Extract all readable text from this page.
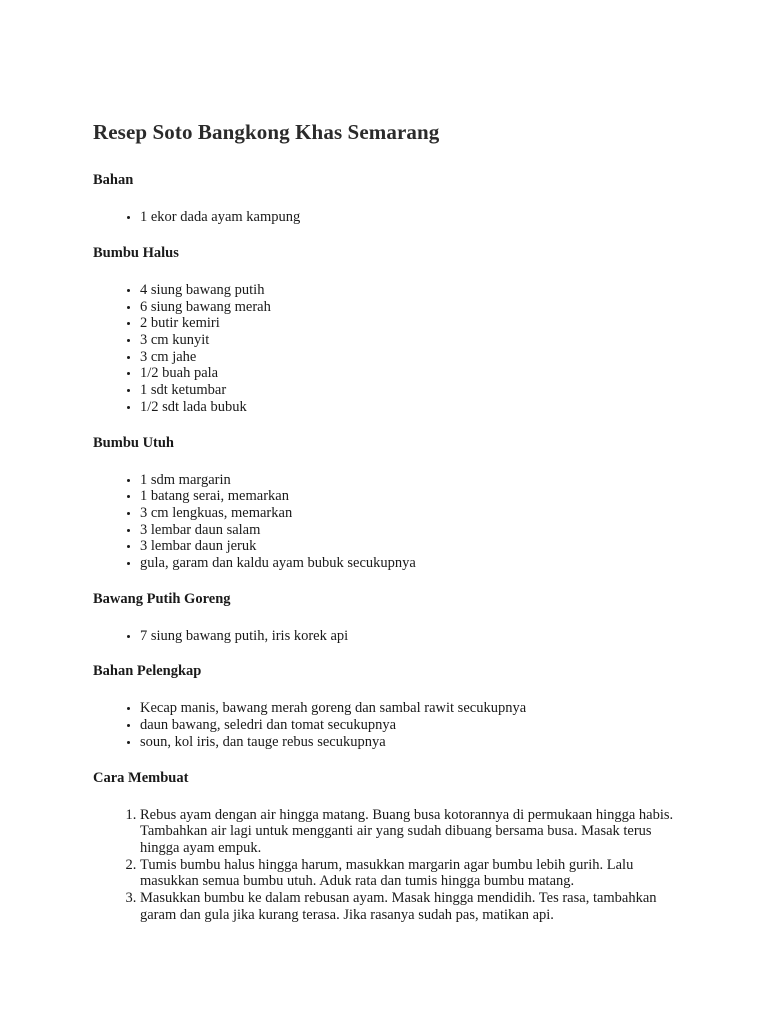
Resep Soto Bangkong Khas Semarang
Bahan
• 1 ekor dada ayam kampung
Bumbu Halus
• 4 siung bawang putih
• 6 siung bawang merah
• 2 butir kemiri
• 3 cm kunyit
• 3 cm jahe
• 1/2 buah pala
• 1 sdt ketumbar
• 1/2 sdt lada bubuk
Bumbu Utuh
• 1 sdm margarin
• 1 batang serai, memarkan
• 3 cm lengkuas, memarkan
• 3 lembar daun salam
• 3 lembar daun jeruk
• gula, garam dan kaldu ayam bubuk secukupnya
Bawang Putih Goreng
• 7 siung bawang putih, iris korek api
Bahan Pelengkap
• Kecap manis, bawang merah goreng dan sambal rawit secukupnya
• daun bawang, seledri dan tomat secukupnya
• soun, kol iris, dan tauge rebus secukupnya
Cara Membuat
1. Rebus ayam dengan air hingga matang. Buang busa kotorannya di permukaan hingga habis. Tambahkan air lagi untuk mengganti air yang sudah dibuang bersama busa. Masak terus hingga ayam empuk.
2. Tumis bumbu halus hingga harum, masukkan margarin agar bumbu lebih gurih. Lalu masukkan semua bumbu utuh. Aduk rata dan tumis hingga bumbu matang.
3. Masukkan bumbu ke dalam rebusan ayam. Masak hingga mendidih. Tes rasa, tambahkan garam dan gula jika kurang terasa. Jika rasanya sudah pas, matikan api.
